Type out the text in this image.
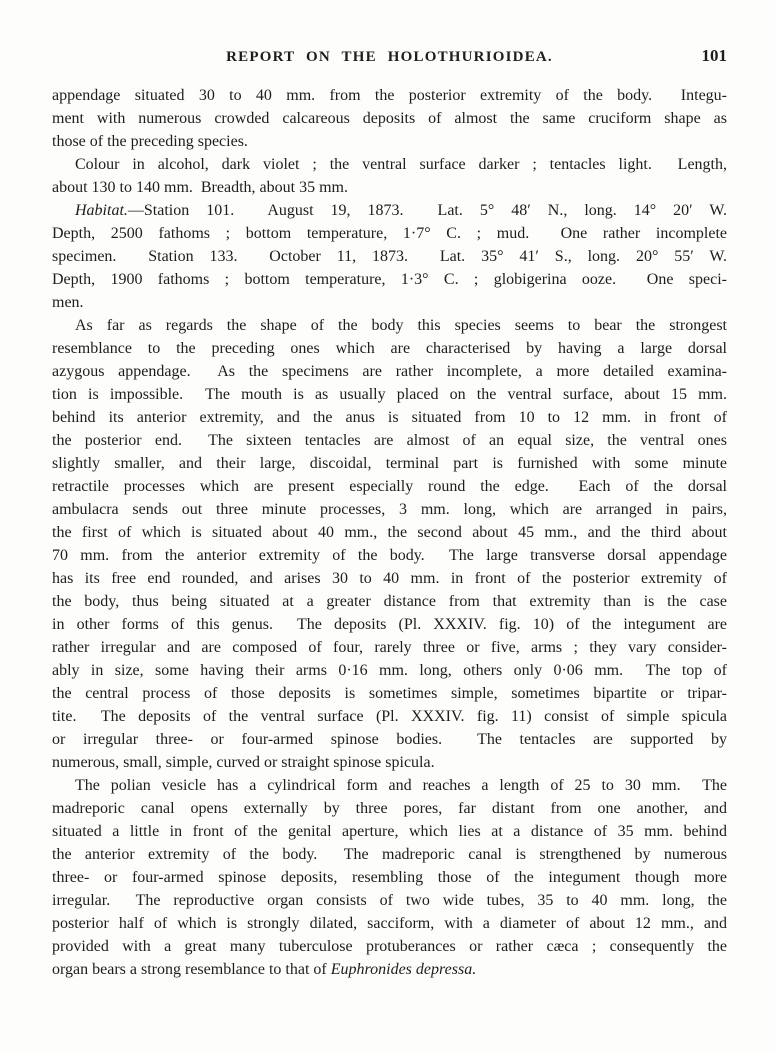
REPORT ON THE HOLOTHURIOIDEA.	101

appendage situated 30 to 40 mm. from the posterior extremity of the body.  Integu-
ment with numerous crowded calcareous deposits of almost the same cruciform shape as
those of the preceding species.

Colour in alcohol, dark violet ; the ventral surface darker ; tentacles light.  Length,
about 130 to 140 mm.  Breadth, about 35 mm.

Habitat.—Station 101.  August 19, 1873.  Lat. 5° 48′ N., long. 14° 20′ W.
Depth, 2500 fathoms ; bottom temperature, 1·7° C. ; mud.  One rather incomplete
specimen.  Station 133.  October 11, 1873.  Lat. 35° 41′ S., long. 20° 55′ W.
Depth, 1900 fathoms ; bottom temperature, 1·3° C. ; globigerina ooze.  One speci-
men.

As far as regards the shape of the body this species seems to bear the strongest
resemblance to the preceding ones which are characterised by having a large dorsal
azygous appendage.  As the specimens are rather incomplete, a more detailed examina-
tion is impossible.  The mouth is as usually placed on the ventral surface, about 15 mm.
behind its anterior extremity, and the anus is situated from 10 to 12 mm. in front of
the posterior end.  The sixteen tentacles are almost of an equal size, the ventral ones
slightly smaller, and their large, discoidal, terminal part is furnished with some minute
retractile processes which are present especially round the edge.  Each of the dorsal
ambulacra sends out three minute processes, 3 mm. long, which are arranged in pairs,
the first of which is situated about 40 mm., the second about 45 mm., and the third about
70 mm. from the anterior extremity of the body.  The large transverse dorsal appendage
has its free end rounded, and arises 30 to 40 mm. in front of the posterior extremity of
the body, thus being situated at a greater distance from that extremity than is the case
in other forms of this genus.  The deposits (Pl. XXXIV. fig. 10) of the integument are
rather irregular and are composed of four, rarely three or five, arms ; they vary consider-
ably in size, some having their arms 0·16 mm. long, others only 0·06 mm.  The top of
the central process of those deposits is sometimes simple, sometimes bipartite or tripar-
tite.  The deposits of the ventral surface (Pl. XXXIV. fig. 11) consist of simple spicula
or irregular three- or four-armed spinose bodies.  The tentacles are supported by
numerous, small, simple, curved or straight spinose spicula.

The polian vesicle has a cylindrical form and reaches a length of 25 to 30 mm.  The
madreporic canal opens externally by three pores, far distant from one another, and
situated a little in front of the genital aperture, which lies at a distance of 35 mm. behind
the anterior extremity of the body.  The madreporic canal is strengthened by numerous
three- or four-armed spinose deposits, resembling those of the integument though more
irregular.  The reproductive organ consists of two wide tubes, 35 to 40 mm. long, the
posterior half of which is strongly dilated, sacciform, with a diameter of about 12 mm., and
provided with a great many tuberculose protuberances or rather cæca ; consequently the
organ bears a strong resemblance to that of Euphronides depressa.
